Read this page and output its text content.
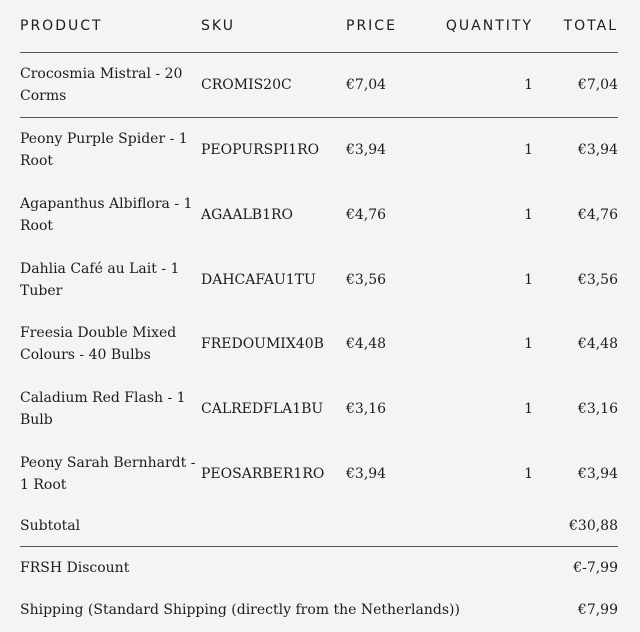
PRODUCT	SKU	PRICE	QUANTITY	TOTAL
Crocosmia Mistral - 20 Corms	CROMIS20C	€7,04	1	€7,04
Peony Purple Spider - 1 Root	PEOPURSPI1RO	€3,94	1	€3,94
Agapanthus Albiflora - 1 Root	AGAALB1RO	€4,76	1	€4,76
Dahlia Café au Lait - 1 Tuber	DAHCAFAU1TU	€3,56	1	€3,56
Freesia Double Mixed Colours - 40 Bulbs	FREDOUMIX40B	€4,48	1	€4,48
Caladium Red Flash - 1 Bulb	CALREDFLA1BU	€3,16	1	€3,16
Peony Sarah Bernhardt - 1 Root	PEOSARBER1RO	€3,94	1	€3,94
Subtotal				€30,88
FRSH Discount				€-7,99
Shipping (Standard Shipping (directly from the Netherlands))				€7,99
